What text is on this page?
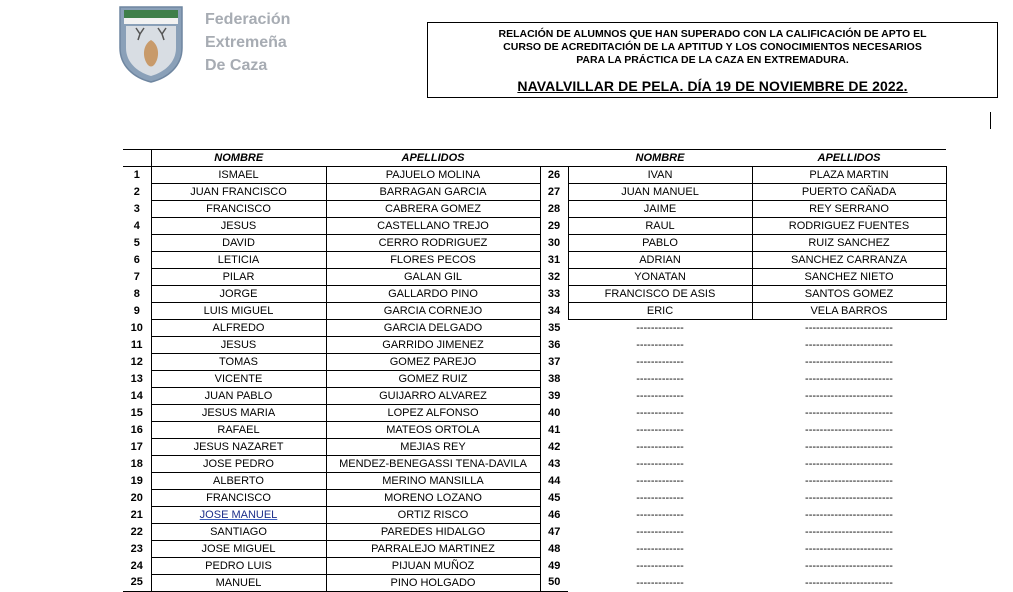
Federación
Extremeña
De Caza
RELACIÓN DE ALUMNOS QUE HAN SUPERADO CON LA CALIFICACIÓN DE APTO EL
CURSO DE ACREDITACIÓN DE LA APTITUD Y LOS CONOCIMIENTOS NECESARIOS
PARA LA PRÁCTICA DE LA CAZA EN EXTREMADURA.
NAVALVILLAR DE PELA. DÍA 19 DE NOVIEMBRE DE 2022.
	NOMBRE	APELLIDOS		NOMBRE	APELLIDOS
1	ISMAEL	PAJUELO MOLINA	26	IVAN	PLAZA MARTIN
2	JUAN FRANCISCO	BARRAGAN GARCIA	27	JUAN MANUEL	PUERTO CAÑADA
3	FRANCISCO	CABRERA GOMEZ	28	JAIME	REY SERRANO
4	JESUS	CASTELLANO TREJO	29	RAUL	RODRIGUEZ FUENTES
5	DAVID	CERRO RODRIGUEZ	30	PABLO	RUIZ SANCHEZ
6	LETICIA	FLORES PECOS	31	ADRIAN	SANCHEZ CARRANZA
7	PILAR	GALAN GIL	32	YONATAN	SANCHEZ NIETO
8	JORGE	GALLARDO PINO	33	FRANCISCO DE ASIS	SANTOS GOMEZ
9	LUIS MIGUEL	GARCIA CORNEJO	34	ERIC	VELA BARROS
10	ALFREDO	GARCIA DELGADO	35	-------------	------------------------
11	JESUS	GARRIDO JIMENEZ	36	-------------	------------------------
12	TOMAS	GOMEZ PAREJO	37	-------------	------------------------
13	VICENTE	GOMEZ RUIZ	38	-------------	------------------------
14	JUAN PABLO	GUIJARRO ALVAREZ	39	-------------	------------------------
15	JESUS MARIA	LOPEZ ALFONSO	40	-------------	------------------------
16	RAFAEL	MATEOS ORTOLA	41	-------------	------------------------
17	JESUS NAZARET	MEJIAS REY	42	-------------	------------------------
18	JOSE PEDRO	MENDEZ-BENEGASSI TENA-DAVILA	43	-------------	------------------------
19	ALBERTO	MERINO MANSILLA	44	-------------	------------------------
20	FRANCISCO	MORENO LOZANO	45	-------------	------------------------
21	JOSE MANUEL	ORTIZ RISCO	46	-------------	------------------------
22	SANTIAGO	PAREDES HIDALGO	47	-------------	------------------------
23	JOSE MIGUEL	PARRALEJO MARTINEZ	48	-------------	------------------------
24	PEDRO LUIS	PIJUAN MUÑOZ	49	-------------	------------------------
25	MANUEL	PINO HOLGADO	50	-------------	------------------------
